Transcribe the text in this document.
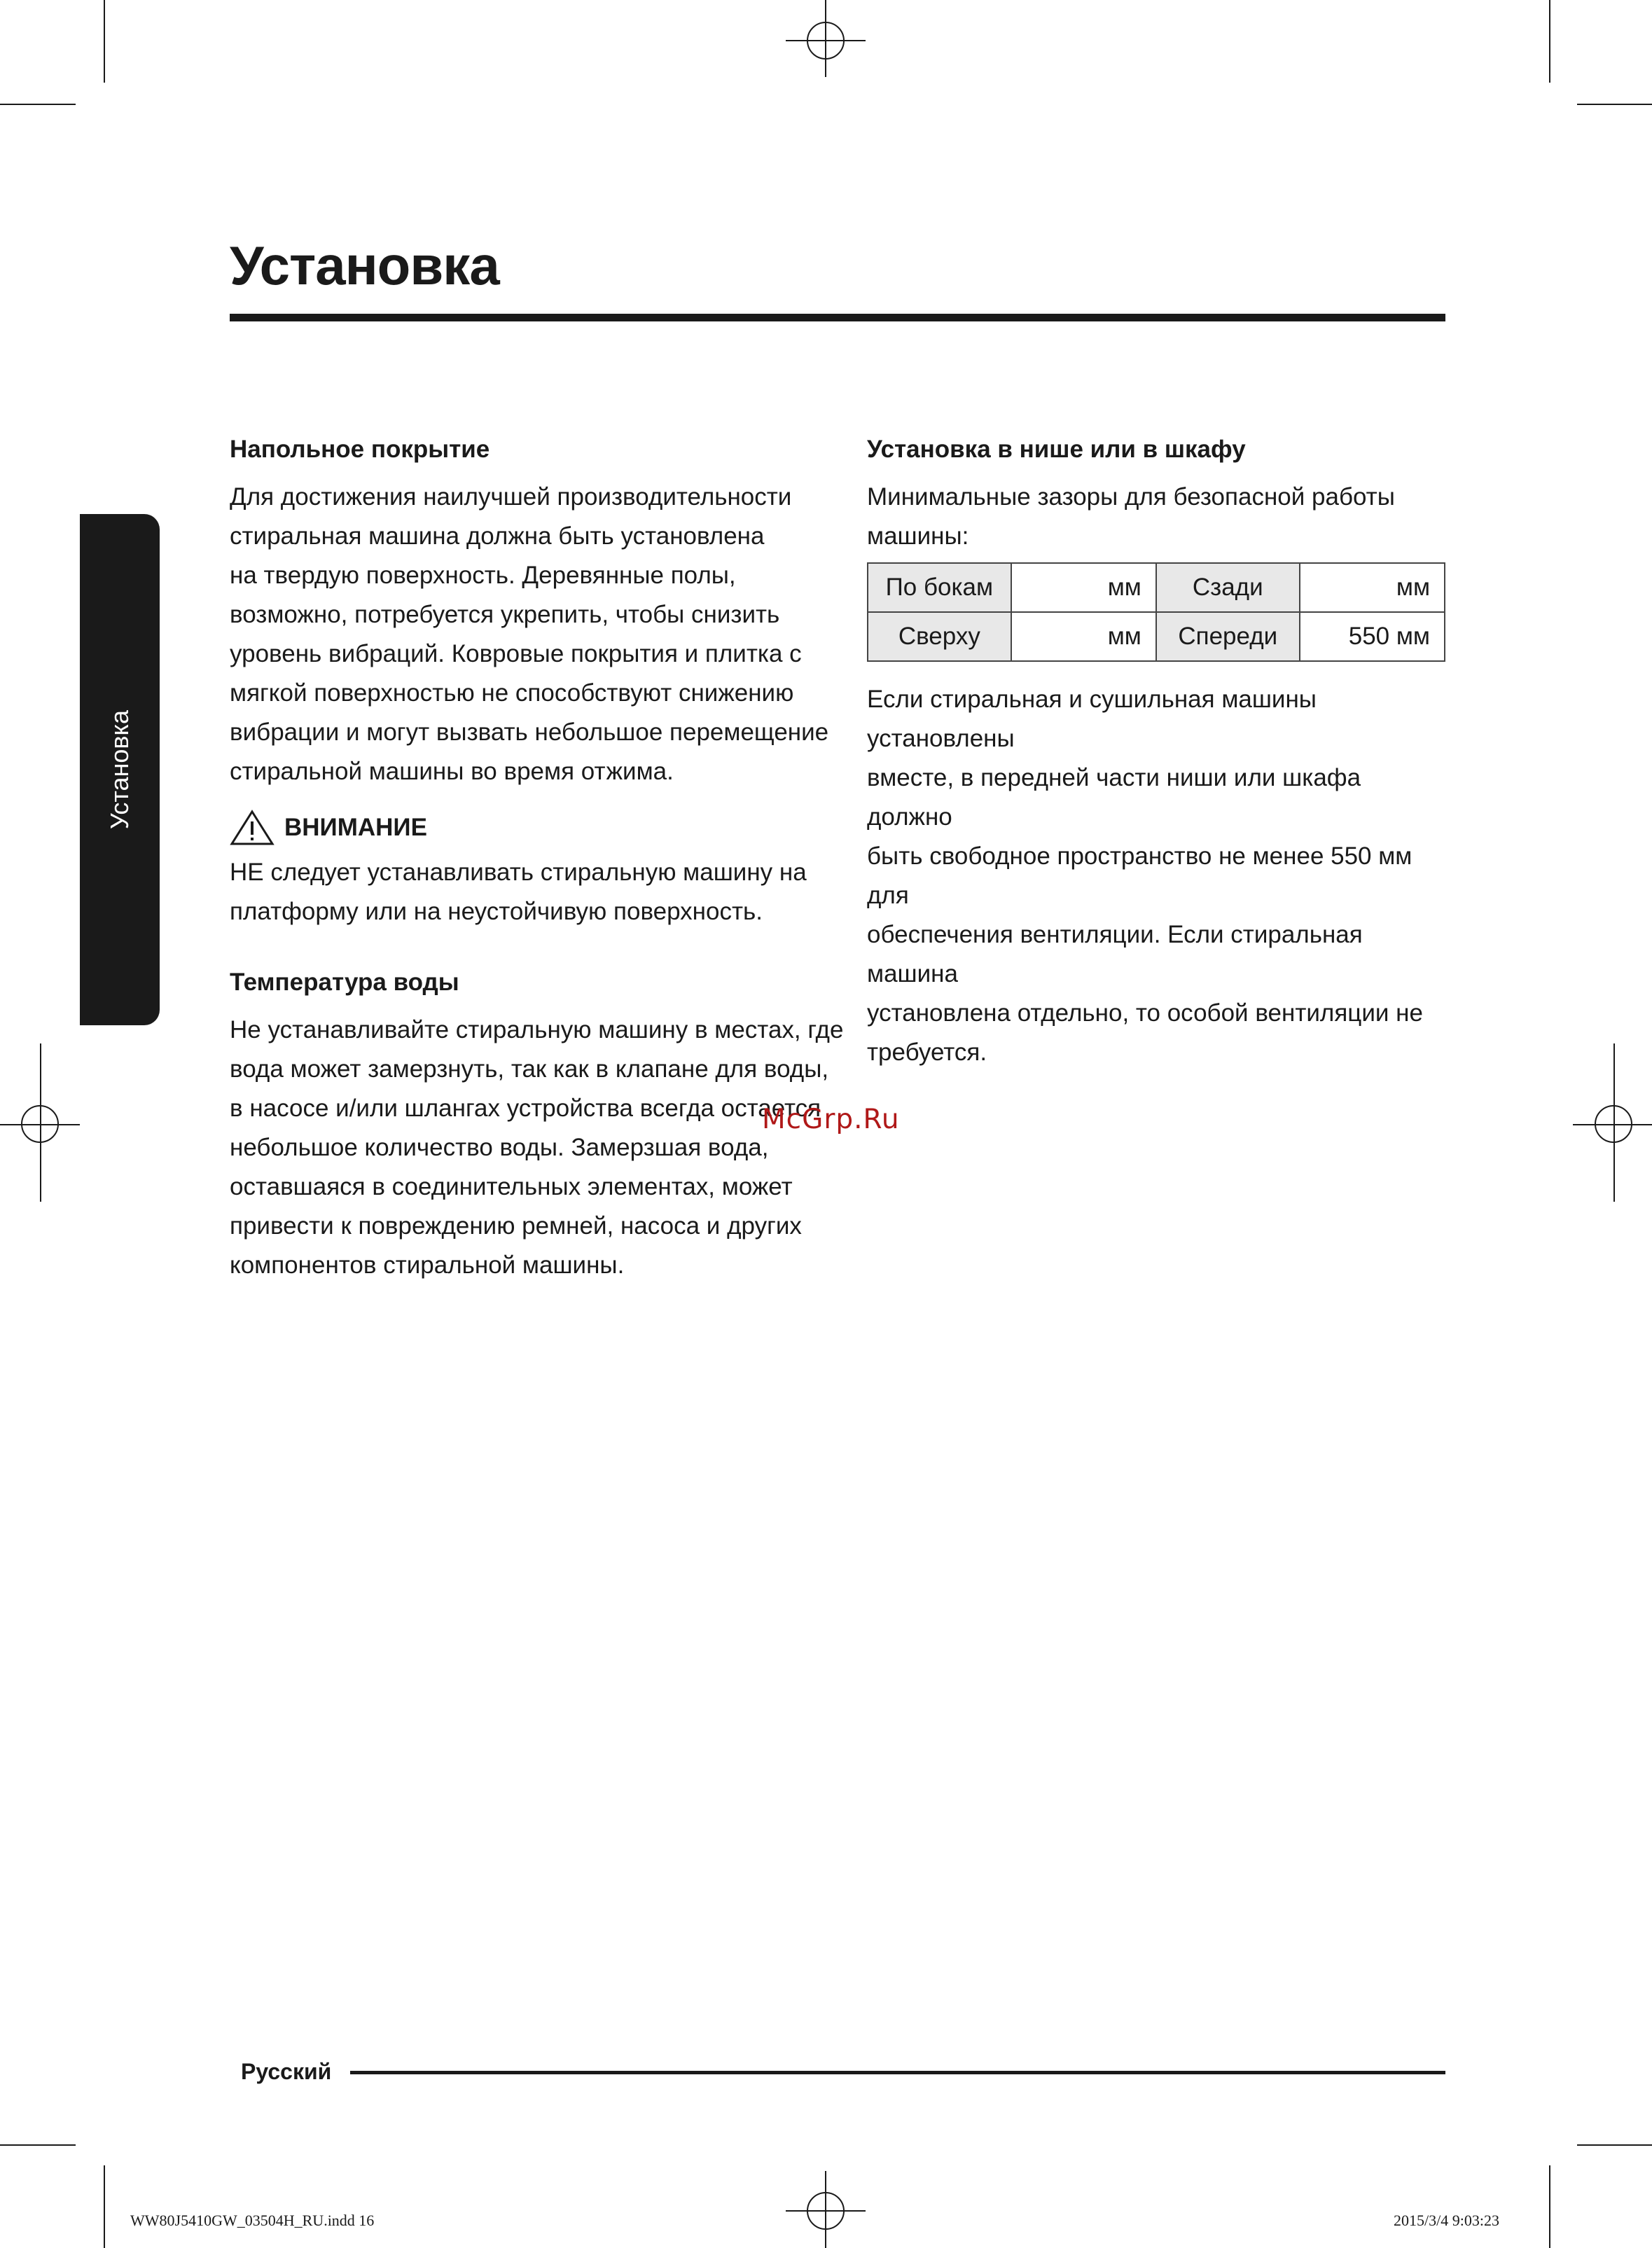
Установка
Установка
Напольное покрытие

Для достижения наилучшей производительности

стиральная машина должна быть установлена

на твердую поверхность. Деревянные полы,

возможно, потребуется укрепить, чтобы снизить

уровень вибраций. Ковровые покрытия и плитка с

мягкой поверхностью не способствуют снижению

вибрации и могут вызвать небольшое перемещение

стиральной машины во время отжима.

ВНИМАНИЕ

НЕ следует устанавливать стиральную машину на

платформу или на неустойчивую поверхность.

Температура воды

Не устанавливайте стиральную машину в местах, где

вода может замерзнуть, так как в клапане для воды,

в насосе и/или шлангах устройства всегда остается

небольшое количество воды. Замерзшая вода,

оставшаяся в соединительных элементах, может

привести к повреждению ремней, насоса и других

компонентов стиральной машины.

Установка в нише или в шкафу

Минимальные зазоры для безопасной работы

машины:

По бокам	мм	Сзади	мм
Сверху	мм	Спереди	550 мм

Если стиральная и сушильная машины установлены

вместе, в передней части ниши или шкафа должно

быть свободное пространство не менее 550 мм для

обеспечения вентиляции. Если стиральная машина

установлена отдельно, то особой вентиляции не

требуется.

McGrp.Ru
Русский
WW80J5410GW_03504H_RU.indd 16	2015/3/4 9:03:23
